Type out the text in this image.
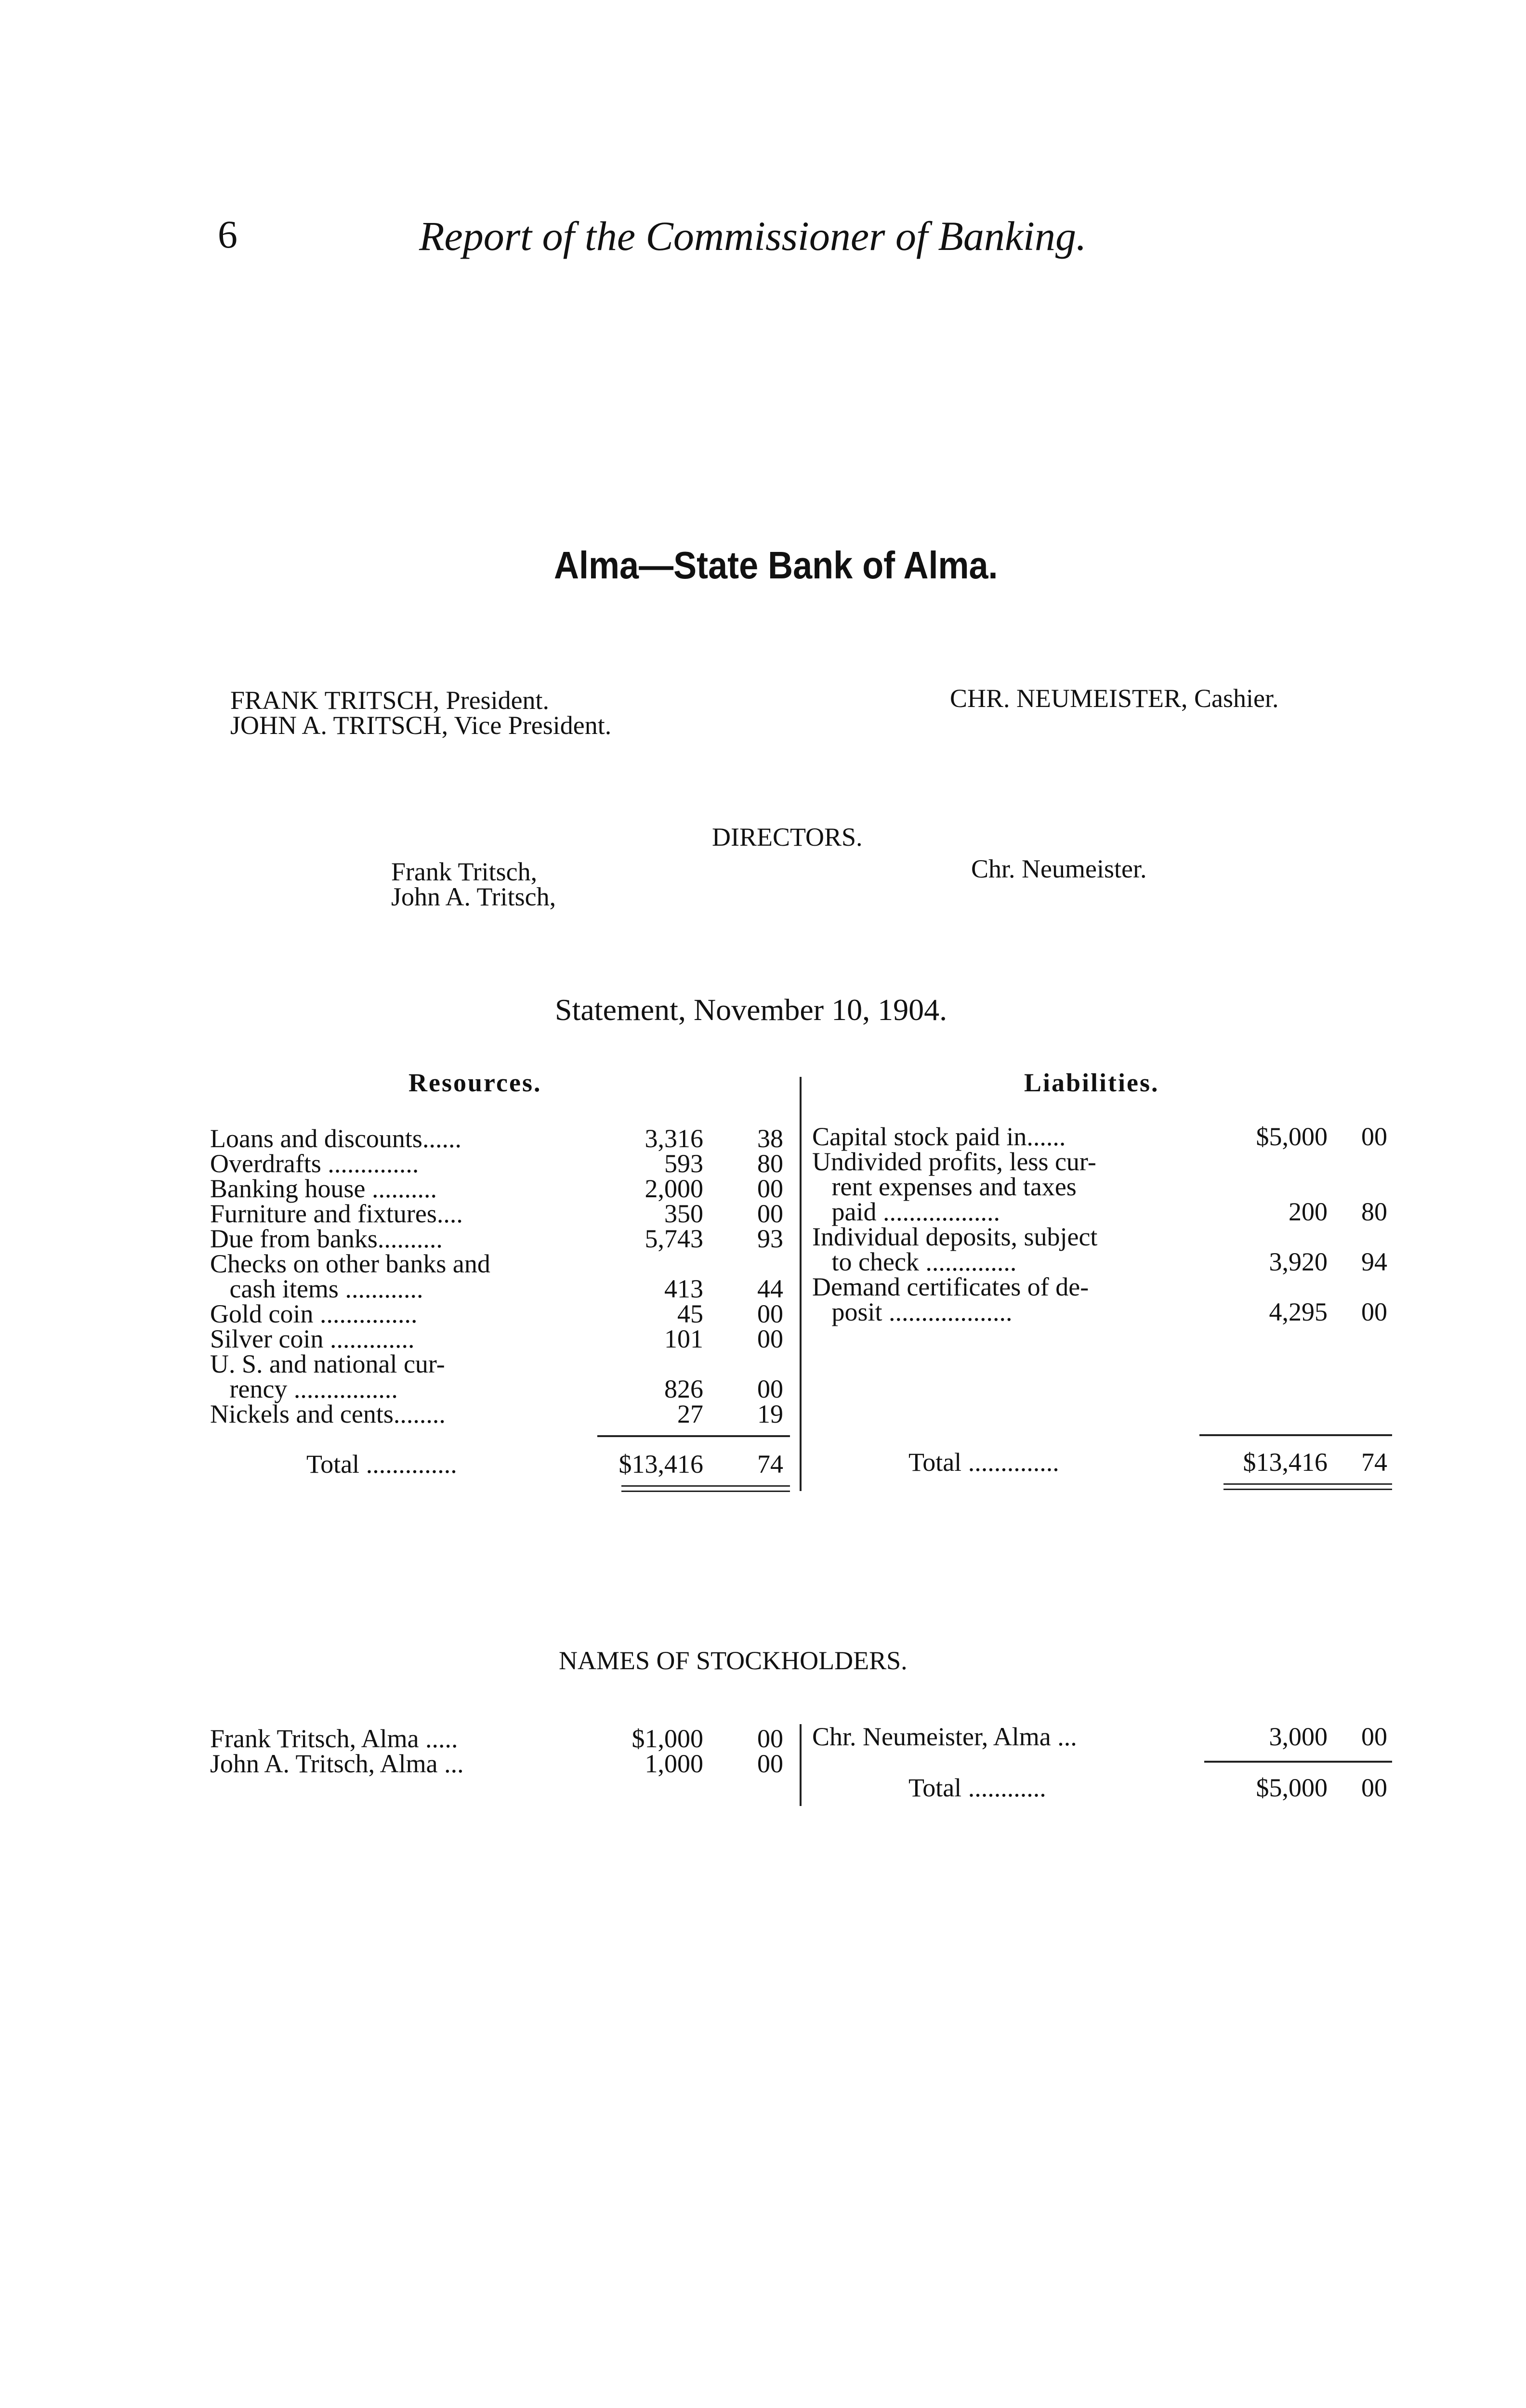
6	Report of the Commissioner of Banking.
Alma—State Bank of Alma.
FRANK TRITSCH, President.
JOHN A. TRITSCH, Vice President.
CHR. NEUMEISTER, Cashier.
DIRECTORS.
Frank Tritsch,
John A. Tritsch,
Chr. Neumeister.
Statement, November 10, 1904.
Resources.	Liabilities.
Loans and discounts......	3,316 38
Overdrafts ..............	593 80
Banking house ..........	2,000 00
Furniture and fixtures....	350 00
Due from banks..........	5,743 93
Checks on other banks and
cash items ............	413 44
Gold coin ...............	45 00
Silver coin .............	101 00
U. S. and national cur-
rency ................	826 00
Nickels and cents........	27 19
Total ..............	$13,416 74
Capital stock paid in......	$5,000 00
Undivided profits, less cur-
rent expenses and taxes
paid ..................	200 80
Individual deposits, subject
to check ..............	3,920 94
Demand certificates of de-
posit ...................	4,295 00
Total ..............	$13,416 74
NAMES OF STOCKHOLDERS.
Frank Tritsch, Alma .....	$1,000 00
John A. Tritsch, Alma ...	1,000 00
Chr. Neumeister, Alma ...	3,000 00
Total ............	$5,000 00
